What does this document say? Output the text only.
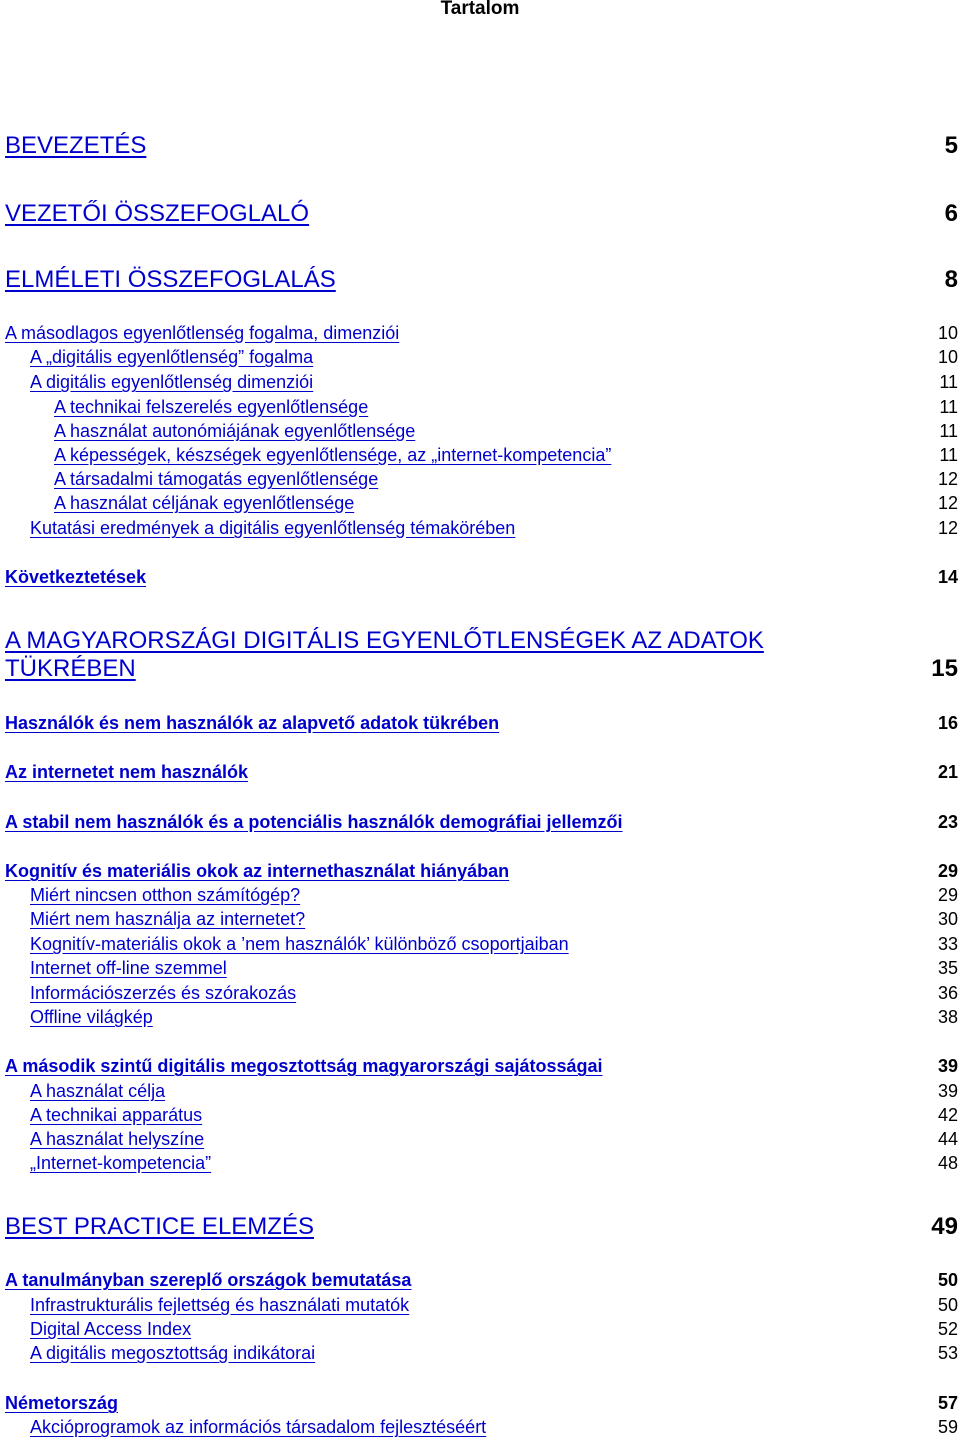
Tartalom
BEVEZETÉS	5
VEZETŐI ÖSSZEFOGLALÓ	6
ELMÉLETI ÖSSZEFOGLALÁS	8
A másodlagos egyenlőtlenség fogalma, dimenziói	10
A „digitális egyenlőtlenség” fogalma	10
A digitális egyenlőtlenség dimenziói	11
A technikai felszerelés egyenlőtlensége	11
A használat autonómiájának egyenlőtlensége	11
A képességek, készségek egyenlőtlensége, az „internet-kompetencia”	11
A társadalmi támogatás egyenlőtlensége	12
A használat céljának egyenlőtlensége	12
Kutatási eredmények a digitális egyenlőtlenség témakörében	12
Következtetések	14
A MAGYARORSZÁGI DIGITÁLIS EGYENLŐTLENSÉGEK AZ ADATOK TÜKRÉBEN	15
Használók és nem használók az alapvető adatok tükrében	16
Az internetet nem használók	21
A stabil nem használók és a potenciális használók demográfiai jellemzői	23
Kognitív és materiális okok az internethasználat hiányában	29
Miért nincsen otthon számítógép?	29
Miért nem használja az internetet?	30
Kognitív-materiális okok a ’nem használók’ különböző csoportjaiban	33
Internet off-line szemmel	35
Információszerzés és szórakozás	36
Offline világkép	38
A második szintű digitális megosztottság magyarországi sajátosságai	39
A használat célja	39
A technikai apparátus	42
A használat helyszíne	44
„Internet-kompetencia”	48
BEST PRACTICE ELEMZÉS	49
A tanulmányban szereplő országok bemutatása	50
Infrastrukturális fejlettség és használati mutatók	50
Digital Access Index	52
A digitális megosztottság indikátorai	53
Németország	57
Akcióprogramok az információs társadalom fejlesztéséért	59
